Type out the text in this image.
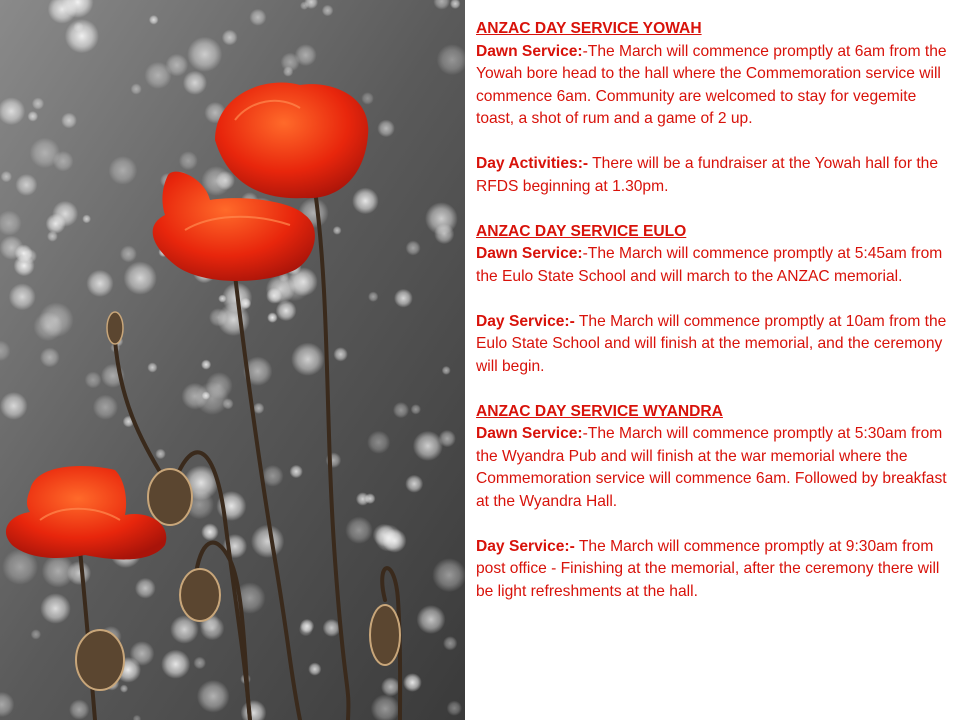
ANZAC DAY SERVICE YOWAH

Dawn Service:-The March will commence promptly at 6am from the Yowah bore head to the hall where the Commemoration service will commence 6am. Community are welcomed to stay for vegemite toast, a shot of rum and a game of 2 up.

Day Activities:- There will be a fundraiser at the Yowah hall for the RFDS beginning at 1.30pm.

ANZAC DAY SERVICE EULO

Dawn Service:-The March will commence promptly at 5:45am from the Eulo State School and will march to the ANZAC memorial.

Day Service:- The March will commence promptly at 10am from the Eulo State School and will finish at the memorial, and the ceremony will begin.

ANZAC DAY SERVICE WYANDRA

Dawn Service:-The March will commence promptly at 5:30am from the Wyandra Pub and will finish at the war memorial where the Commemoration service will commence 6am. Followed by breakfast at the Wyandra Hall.

Day Service:- The March will commence promptly at 9:30am from post office - Finishing at the memorial, after the ceremony there will be light refreshments at the hall.
